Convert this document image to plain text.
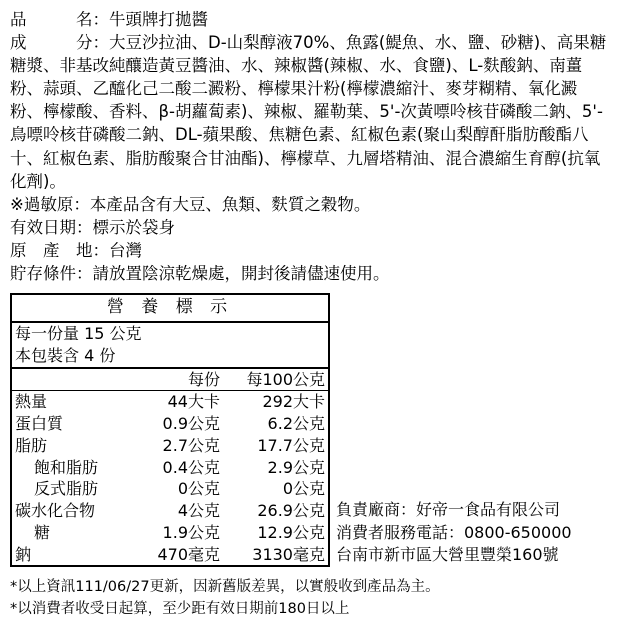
品　　　名：牛頭牌打拋醬
成　　　分：大豆沙拉油、D-山梨醇液70%、魚露(鯷魚、水、鹽、砂糖)、高果糖糖漿、非基改純釀造黃豆醬油、水、辣椒醬(辣椒、水、食鹽)、L-麩酸鈉、南薑粉、蒜頭、乙醯化己二酸二澱粉、檸檬果汁粉(檸檬濃縮汁、麥芽糊精、氧化澱粉、檸檬酸、香料、β-胡蘿蔔素)、辣椒、羅勒葉、5'-次黃嘌呤核苷磷酸二鈉、5'-鳥嘌呤核苷磷酸二鈉、DL-蘋果酸、焦糖色素、紅椒色素(聚山梨醇酐脂肪酸酯八十、紅椒色素、脂肪酸聚合甘油酯)、檸檬草、九層塔精油、混合濃縮生育醇(抗氧化劑)。
※過敏原：本產品含有大豆、魚類、麩質之穀物。
有效日期：標示於袋身
原　產　地：台灣
貯存條件：請放置陰涼乾燥處，開封後請儘速使用。
營 養 標 示		
每一份量 15 公克		
本包裝含 4 份		
	每份	每100公克
熱量	44大卡	292大卡
蛋白質	0.9公克	6.2公克
脂肪	2.7公克	17.7公克
飽和脂肪	0.4公克	2.9公克
反式脂肪	0公克	0公克
碳水化合物	4公克	26.9公克
糖	1.9公克	12.9公克
鈉	470毫克	3130毫克
負責廠商：好帝一食品有限公司
消費者服務電話：0800-650000
台南市新市區大營里豐榮160號
*以上資訊111/06/27更新，因新舊版差異，以實般收到產品為主。
*以消費者收受日起算，至少距有效日期前180日以上
